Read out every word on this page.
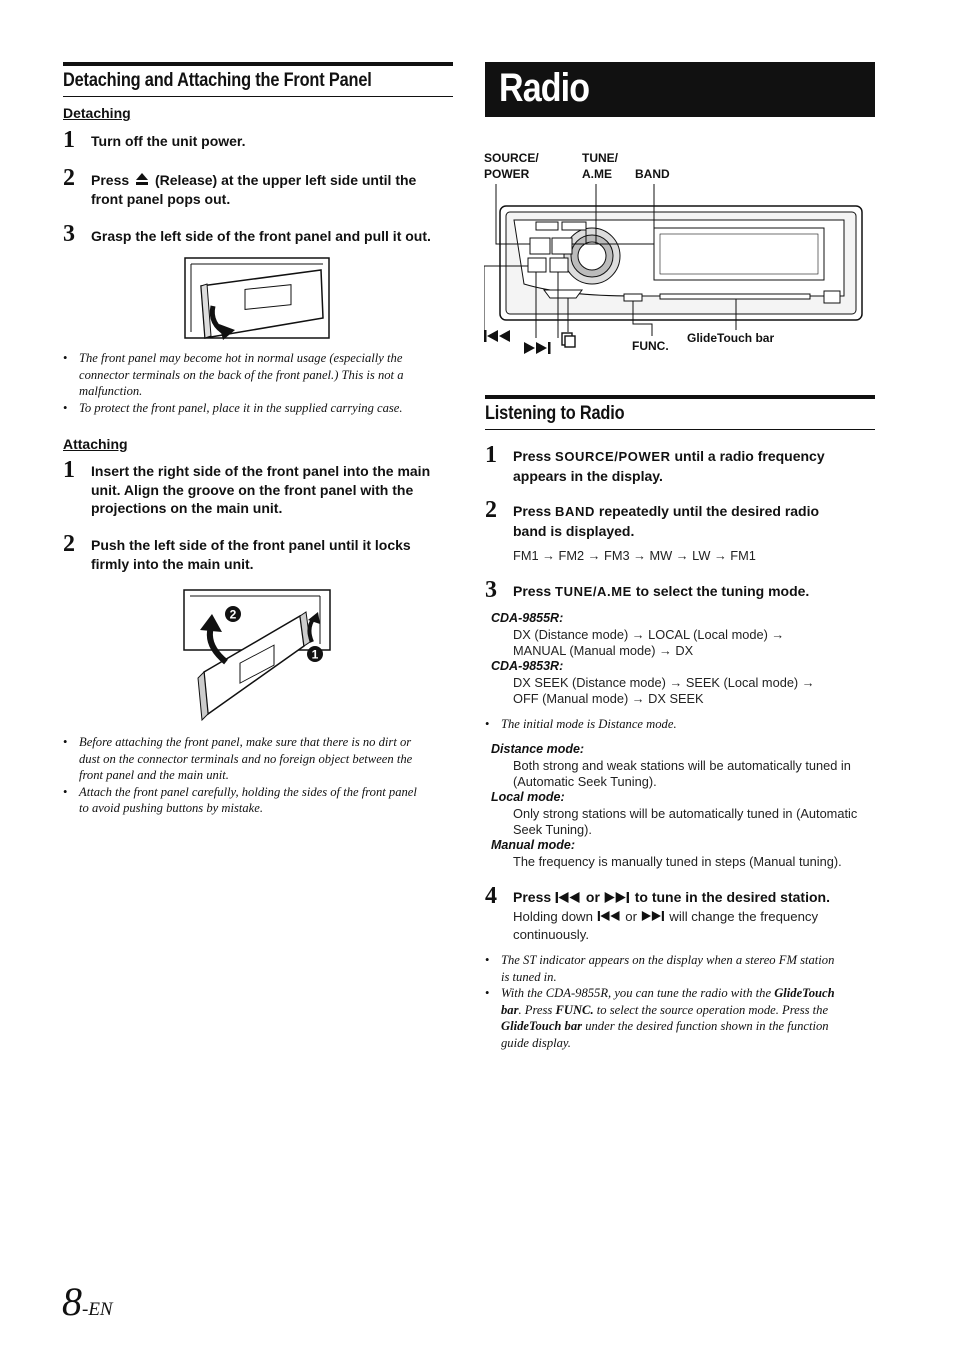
Detaching and Attaching the Front Panel
Detaching
1 Turn off the unit power.
2 Press (Release) at the upper left side until the
front panel pops out.
3 Grasp the left side of the front panel and pull it out.
• The front panel may become hot in normal usage (especially the
connector terminals on the back of the front panel.) This is not a
malfunction.
• To protect the front panel, place it in the supplied carrying case.
Attaching
1 Insert the right side of the front panel into the main
unit. Align the groove on the front panel with the
projections on the main unit.
2 Push the left side of the front panel until it locks
firmly into the main unit.
2
1
• Before attaching the front panel, make sure that there is no dirt or
dust on the connector terminals and no foreign object between the
front panel and the main unit.
• Attach the front panel carefully, holding the sides of the front panel
to avoid pushing buttons by mistake.
Radio
SOURCE/
POWER
TUNE/
A.ME	BAND
FUNC.
GlideTouch bar
Listening to Radio
1 Press SOURCE/POWER until a radio frequency
appears in the display.
2 Press BAND repeatedly until the desired radio
band is displayed.
FM1 → FM2 → FM3 → MW → LW → FM1
3 Press TUNE/A.ME to select the tuning mode.
CDA-9855R:
DX (Distance mode) → LOCAL (Local mode) →
MANUAL (Manual mode) → DX
CDA-9853R:
DX SEEK (Distance mode) → SEEK (Local mode) →
OFF (Manual mode) → DX SEEK
• The initial mode is Distance mode.
Distance mode:
Both strong and weak stations will be automatically tuned in
(Automatic Seek Tuning).
Local mode:
Only strong stations will be automatically tuned in (Automatic
Seek Tuning).
Manual mode:
The frequency is manually tuned in steps (Manual tuning).
4 Press  or  to tune in the desired station.
Holding down  or  will change the frequency
continuously.
• The ST indicator appears on the display when a stereo FM station
is tuned in.
• With the CDA-9855R, you can tune the radio with the GlideTouch
bar. Press FUNC. to select the source operation mode. Press the
GlideTouch bar under the desired function shown in the function
guide display.
8-EN
